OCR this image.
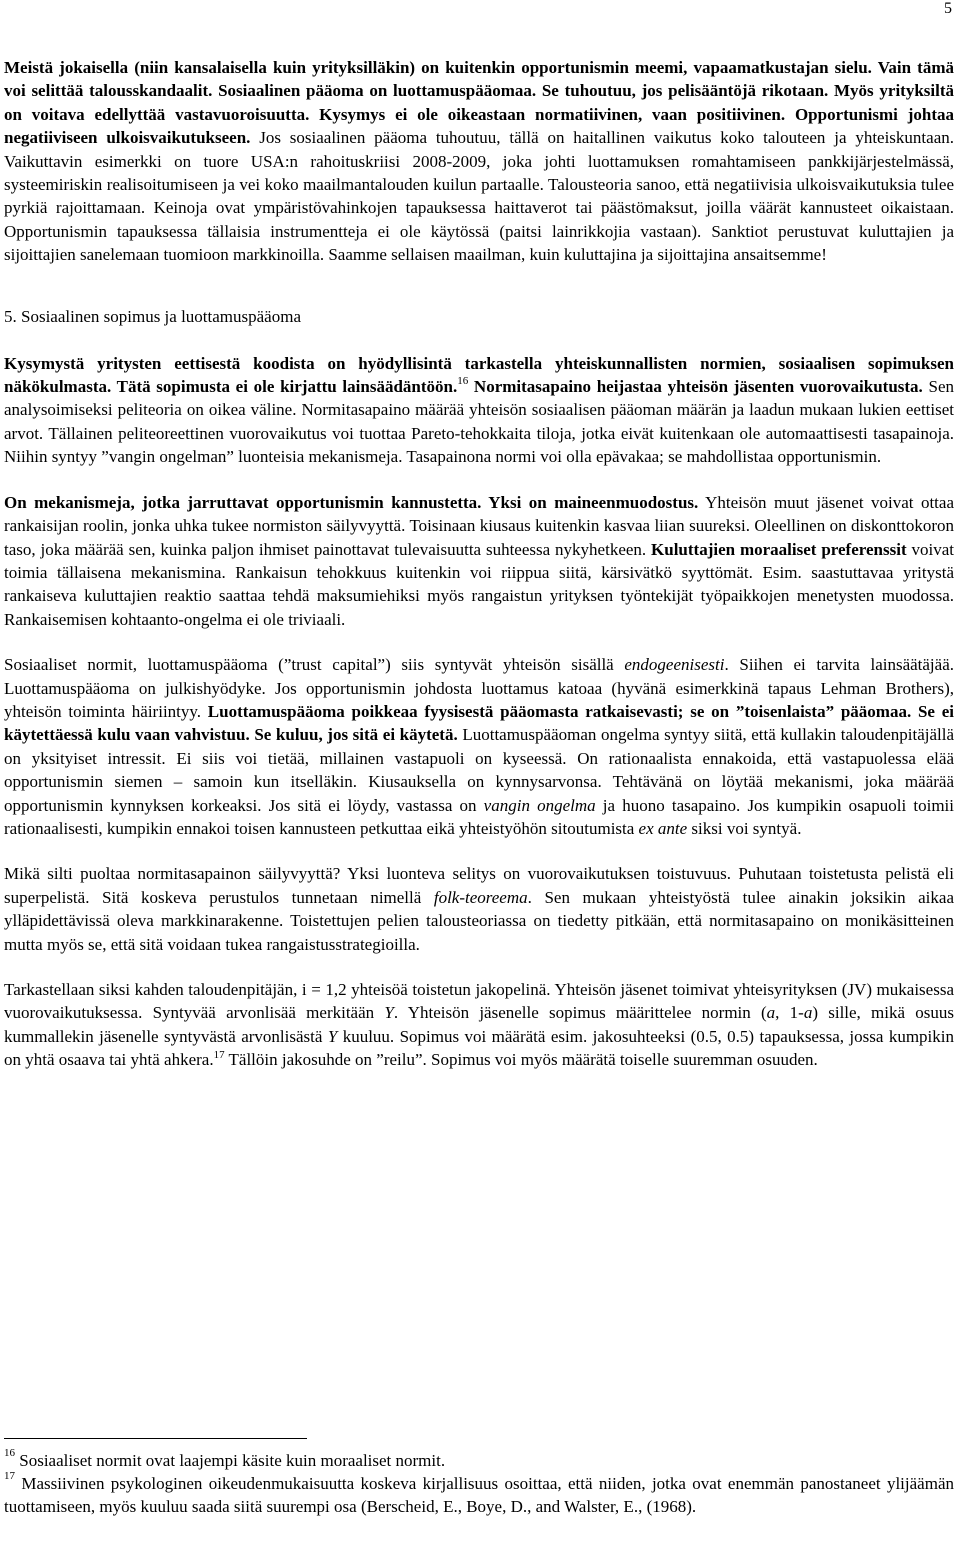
5

Meistä jokaisella (niin kansalaisella kuin yrityksilläkin) on kuitenkin opportunismin meemi, vapaamatkustajan sielu. Vain tämä voi selittää talousskandaalit. Sosiaalinen pääoma on luottamuspääomaa. Se tuhoutuu, jos pelisääntöjä rikotaan. Myös yrityksiltä on voitava edellyttää vastavuoroisuutta. Kysymys ei ole oikeastaan normatiivinen, vaan positiivinen. Opportunismi johtaa negatiiviseen ulkoisvaikutukseen. Jos sosiaalinen pääoma tuhoutuu, tällä on haitallinen vaikutus koko talouteen ja yhteiskuntaan. Vaikuttavin esimerkki on tuore USA:n rahoituskriisi 2008-2009, joka johti luottamuksen romahtamiseen pankkijärjestelmässä, systeemiriskin realisoitumiseen ja vei koko maailmantalouden kuilun partaalle. Talousteoria sanoo, että negatiivisia ulkoisvaikutuksia tulee pyrkiä rajoittamaan. Keinoja ovat ympäristövahinkojen tapauksessa haittaverot tai päästömaksut, joilla väärät kannusteet oikaistaan. Opportunismin tapauksessa tällaisia instrumentteja ei ole käytössä (paitsi lainrikkojia vastaan). Sanktiot perustuvat kuluttajien ja sijoittajien sanelemaan tuomioon markkinoilla. Saamme sellaisen maailman, kuin kuluttajina ja sijoittajina ansaitsemme!

5. Sosiaalinen sopimus ja luottamuspääoma

Kysymystä yritysten eettisestä koodista on hyödyllisintä tarkastella yhteiskunnallisten normien, sosiaalisen sopimuksen näkökulmasta. Tätä sopimusta ei ole kirjattu lainsäädäntöön.$^{16}$ Normitasapaino heijastaa yhteisön jäsenten vuorovaikutusta. Sen analysoimiseksi peliteoria on oikea väline. Normitasapaino määrää yhteisön sosiaalisen pääoman määrän ja laadun mukaan lukien eettiset arvot. Tällainen peliteoreettinen vuorovaikutus voi tuottaa Pareto-tehokkaita tiloja, jotka eivät kuitenkaan ole automaattisesti tasapainoja. Niihin syntyy ”vangin ongelman” luonteisia mekanismeja. Tasapainona normi voi olla epävakaa; se mahdollistaa opportunismin.

On mekanismeja, jotka jarruttavat opportunismin kannustetta. Yksi on maineenmuodostus. Yhteisön muut jäsenet voivat ottaa rankaisijan roolin, jonka uhka tukee normiston säilyvyyttä. Toisinaan kiusaus kuitenkin kasvaa liian suureksi. Oleellinen on diskonttokoron taso, joka määrää sen, kuinka paljon ihmiset painottavat tulevaisuutta suhteessa nykyhetkeen. Kuluttajien moraaliset preferenssit voivat toimia tällaisena mekanismina. Rankaisun tehokkuus kuitenkin voi riippua siitä, kärsivätkö syyttömät. Esim. saastuttavaa yritystä rankaiseva kuluttajien reaktio saattaa tehdä maksumiehiksi myös rangaistun yrityksen työntekijät työpaikkojen menetysten muodossa. Rankaisemisen kohtaanto-ongelma ei ole triviaali.

Sosiaaliset normit, luottamuspääoma (”trust capital”) siis syntyvät yhteisön sisällä endogeenisesti. Siihen ei tarvita lainsäätäjää. Luottamuspääoma on julkishyödyke. Jos opportunismin johdosta luottamus katoaa (hyvänä esimerkkinä tapaus Lehman Brothers), yhteisön toiminta häiriintyy. Luottamuspääoma poikkeaa fyysisestä pääomasta ratkaisevasti; se on ”toisenlaista” pääomaa. Se ei käytettäessä kulu vaan vahvistuu. Se kuluu, jos sitä ei käytetä. Luottamuspääoman ongelma syntyy siitä, että kullakin taloudenpitäjällä on yksityiset intressit. Ei siis voi tietää, millainen vastapuoli on kyseessä. On rationaalista ennakoida, että vastapuolessa elää opportunismin siemen – samoin kun itselläkin. Kiusauksella on kynnysarvonsa. Tehtävänä on löytää mekanismi, joka määrää opportunismin kynnyksen korkeaksi. Jos sitä ei löydy, vastassa on vangin ongelma ja huono tasapaino. Jos kumpikin osapuoli toimii rationaalisesti, kumpikin ennakoi toisen kannusteen petkuttaa eikä yhteistyöhön sitoutumista ex ante siksi voi syntyä.

Mikä silti puoltaa normitasapainon säilyvyyttä? Yksi luonteva selitys on vuorovaikutuksen toistuvuus. Puhutaan toistetusta pelistä eli superpelistä. Sitä koskeva perustulos tunnetaan nimellä folk-teoreema. Sen mukaan yhteistyöstä tulee ainakin joksikin aikaa ylläpidettävissä oleva markkinarakenne. Toistettujen pelien talousteoriassa on tiedetty pitkään, että normitasapaino on monikäsitteinen mutta myös se, että sitä voidaan tukea rangaistusstrategioilla.

Tarkastellaan siksi kahden taloudenpitäjän, i = 1,2 yhteisöä toistetun jakopelinä. Yhteisön jäsenet toimivat yhteisyrityksen (JV) mukaisessa vuorovaikutuksessa. Syntyvää arvonlisää merkitään Y. Yhteisön jäsenelle sopimus määrittelee normin (a, 1-a) sille, mikä osuus kummallekin jäsenelle syntyvästä arvonlisästä Y kuuluu. Sopimus voi määrätä esim. jakosuhteeksi (0.5, 0.5) tapauksessa, jossa kumpikin on yhtä osaava tai yhtä ahkera.$^{17}$ Tällöin jakosuhde on ”reilu”. Sopimus voi myös määrätä toiselle suuremman osuuden.

$^{16}$ Sosiaaliset normit ovat laajempi käsite kuin moraaliset normit.

$^{17}$ Massiivinen psykologinen oikeudenmukaisuutta koskeva kirjallisuus osoittaa, että niiden, jotka ovat enemmän panostaneet ylijäämän tuottamiseen, myös kuuluu saada siitä suurempi osa (Berscheid, E., Boye, D., and Walster, E., (1968).
